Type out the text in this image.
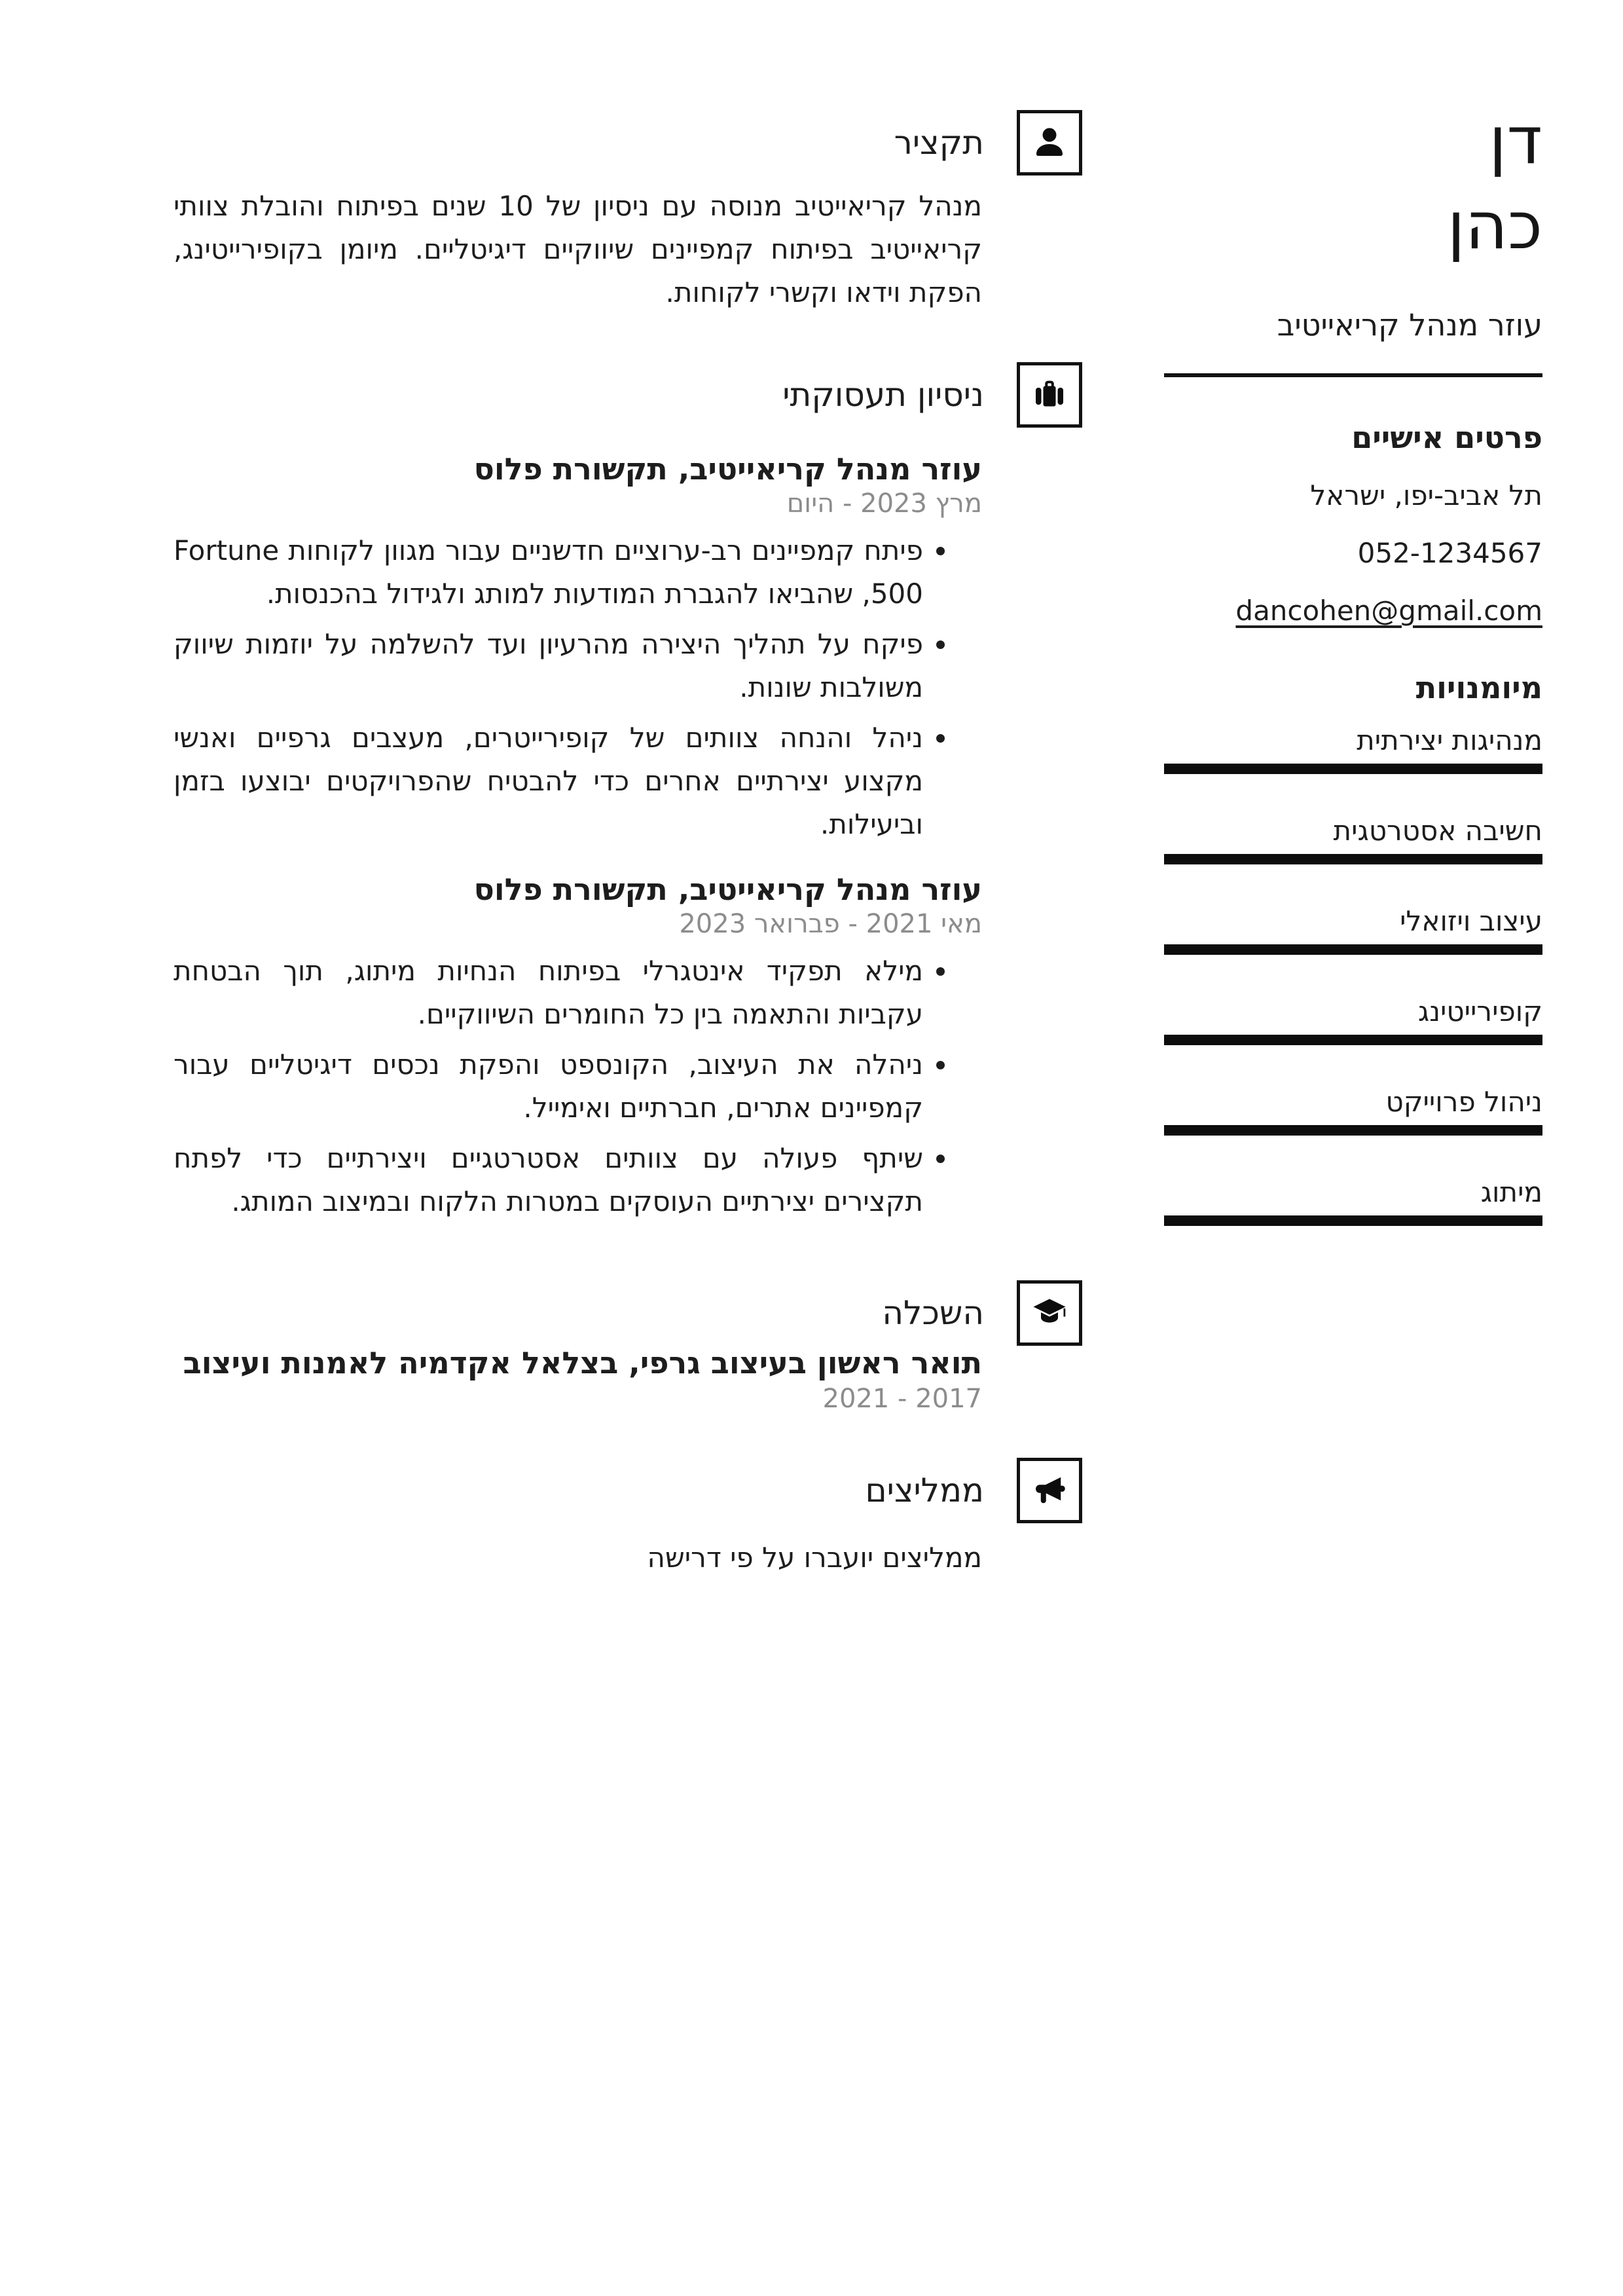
תקציר

מנהל קריאייטיב מנוסה עם ניסיון של 10 שנים בפיתוח והובלת צוותי קריאייטיב בפיתוח קמפיינים שיווקיים דיגיטליים. מיומן בקופירייטינג, הפקת וידאו וקשרי לקוחות.

ניסיון תעסוקתי
עוזר מנהל קריאייטיב, תקשורת פלוס
מרץ 2023 - היום
• פיתח קמפיינים רב-ערוציים חדשניים עבור מגוון לקוחות Fortune 500, שהביאו להגברת המודעות למותג ולגידול בהכנסות.
• פיקח על תהליך היצירה מהרעיון ועד להשלמה על יוזמות שיווק משולבות שונות.
• ניהל והנחה צוותים של קופירייטרים, מעצבים גרפיים ואנשי מקצוע יצירתיים אחרים כדי להבטיח שהפרויקטים יבוצעו בזמן וביעילות.
עוזר מנהל קריאייטיב, תקשורת פלוס
מאי 2021 - פברואר 2023
• מילא תפקיד אינטגרלי בפיתוח הנחיות מיתוג, תוך הבטחת עקביות והתאמה בין כל החומרים השיווקיים.
• ניהלה את העיצוב, הקונספט והפקת נכסים דיגיטליים עבור קמפיינים אתרים, חברתיים ואימייל.
• שיתף פעולה עם צוותים אסטרטגיים ויצירתיים כדי לפתח תקצירים יצירתיים העוסקים במטרות הלקוח ובמיצוב המותג.
השכלה
תואר ראשון בעיצוב גרפי, בצלאל אקדמיה לאמנות ועיצוב
2017 - 2021
ממליצים

ממליצים יועברו על פי דרישה

דן
כהן
עוזר מנהל קריאייטיב
פרטים אישיים
תל אביב-יפו, ישראל
052-1234567
dancohen@gmail.com
מיומנויות
מנהיגות יצירתית
חשיבה אסטרטגית
עיצוב ויזואלי
קופירייטינג
ניהול פרוייקט
מיתוג
